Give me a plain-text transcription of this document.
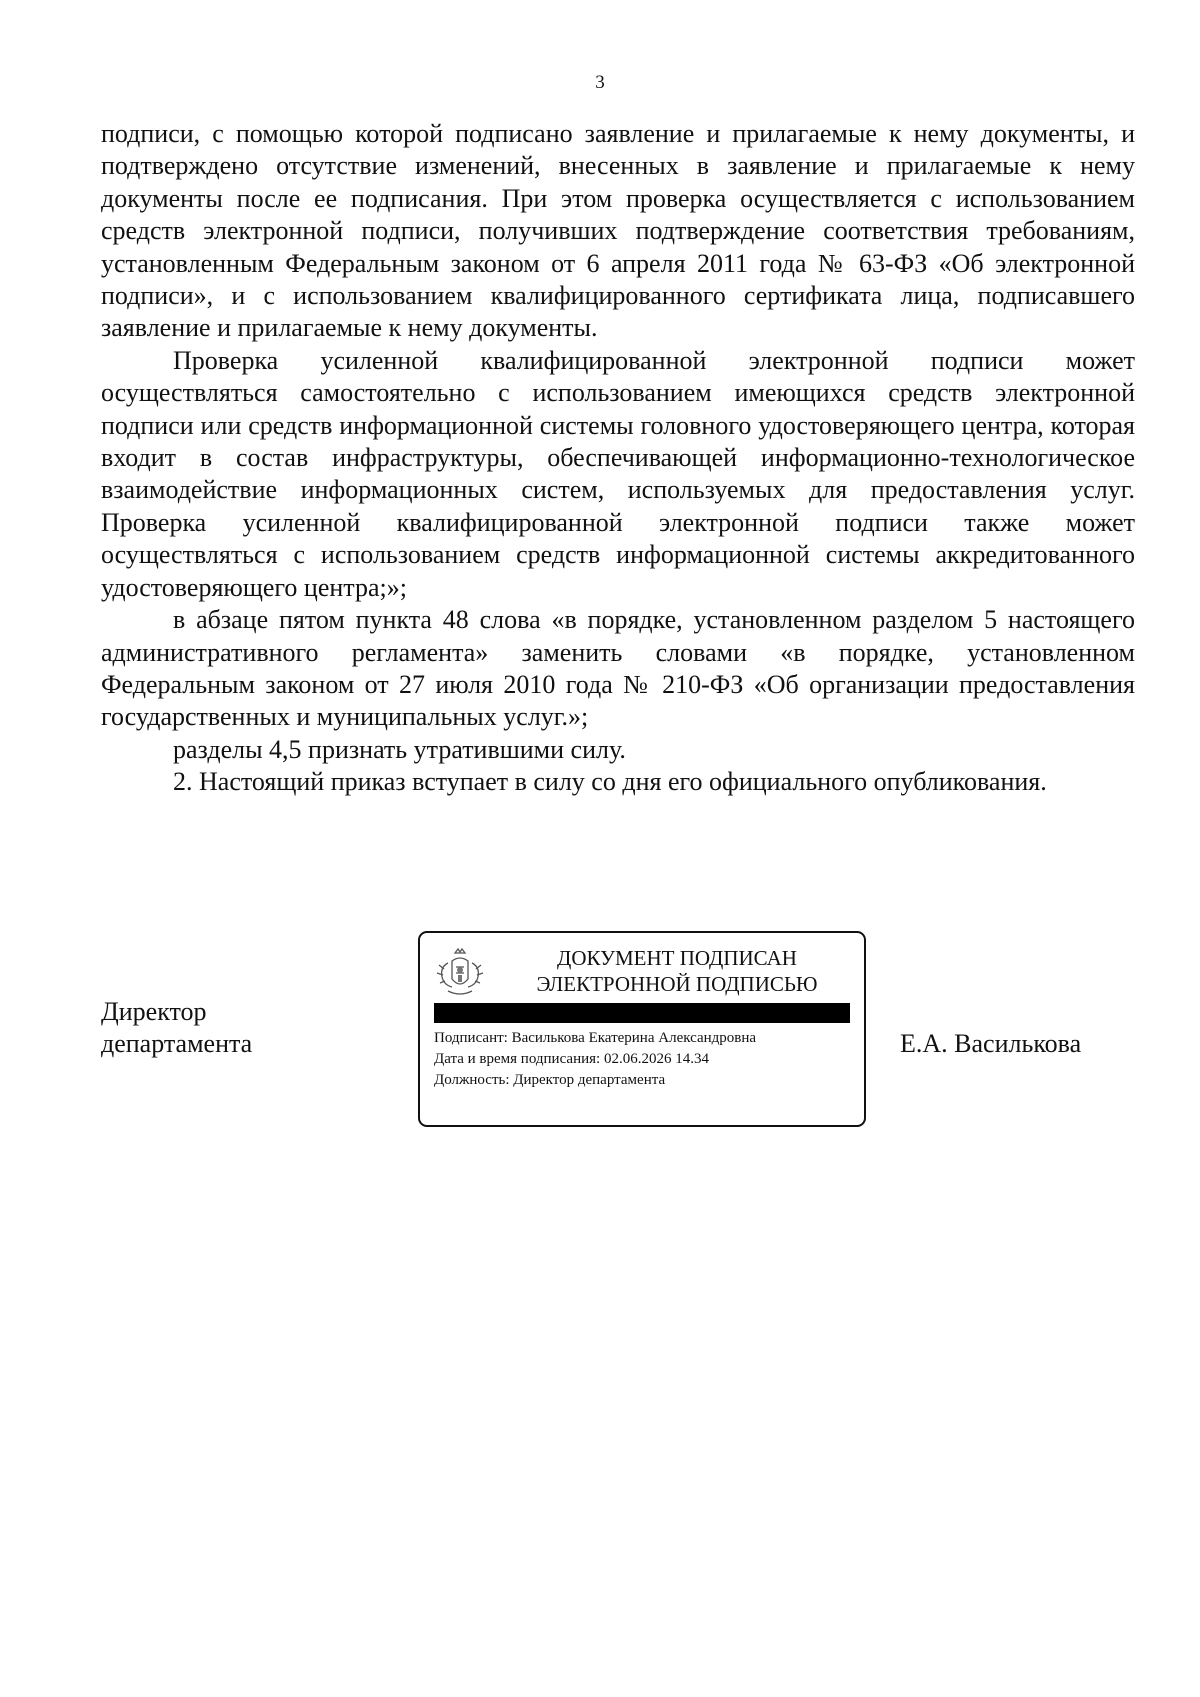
3

подписи, с помощью которой подписано заявление и прилагаемые к нему документы, и подтверждено отсутствие изменений, внесенных в заявление и прилагаемые к нему документы после ее подписания. При этом проверка осуществляется с использованием средств электронной подписи, получивших подтверждение соответствия требованиям, установленным Федеральным законом от 6 апреля 2011 года № 63-ФЗ «Об электронной подписи», и с использованием квалифицированного сертификата лица, подписавшего заявление и прилагаемые к нему документы.

Проверка усиленной квалифицированной электронной подписи может осуществляться самостоятельно с использованием имеющихся средств электронной подписи или средств информационной системы головного удостоверяющего центра, которая входит в состав инфраструктуры, обеспечивающей информационно-технологическое взаимодействие информационных систем, используемых для предоставления услуг. Проверка усиленной квалифицированной электронной подписи также может осуществляться с использованием средств информационной системы аккредитованного удостоверяющего центра;»;

в абзаце пятом пункта 48 слова «в порядке, установленном разделом 5 настоящего административного регламента» заменить словами «в порядке, установленном Федеральным законом от 27 июля 2010 года № 210-ФЗ «Об организации предоставления государственных и муниципальных услуг.»;

разделы 4,5 признать утратившими силу.

2. Настоящий приказ вступает в силу со дня его официального опубликования.

Директор
департамента
ДОКУМЕНТ ПОДПИСАН
ЭЛЕКТРОННОЙ ПОДПИСЬЮ
Подписант: Василькова Екатерина Александровна
Дата и время подписания: 02.06.2026 14.34
Должность: Директор департамента
Е.А. Василькова
